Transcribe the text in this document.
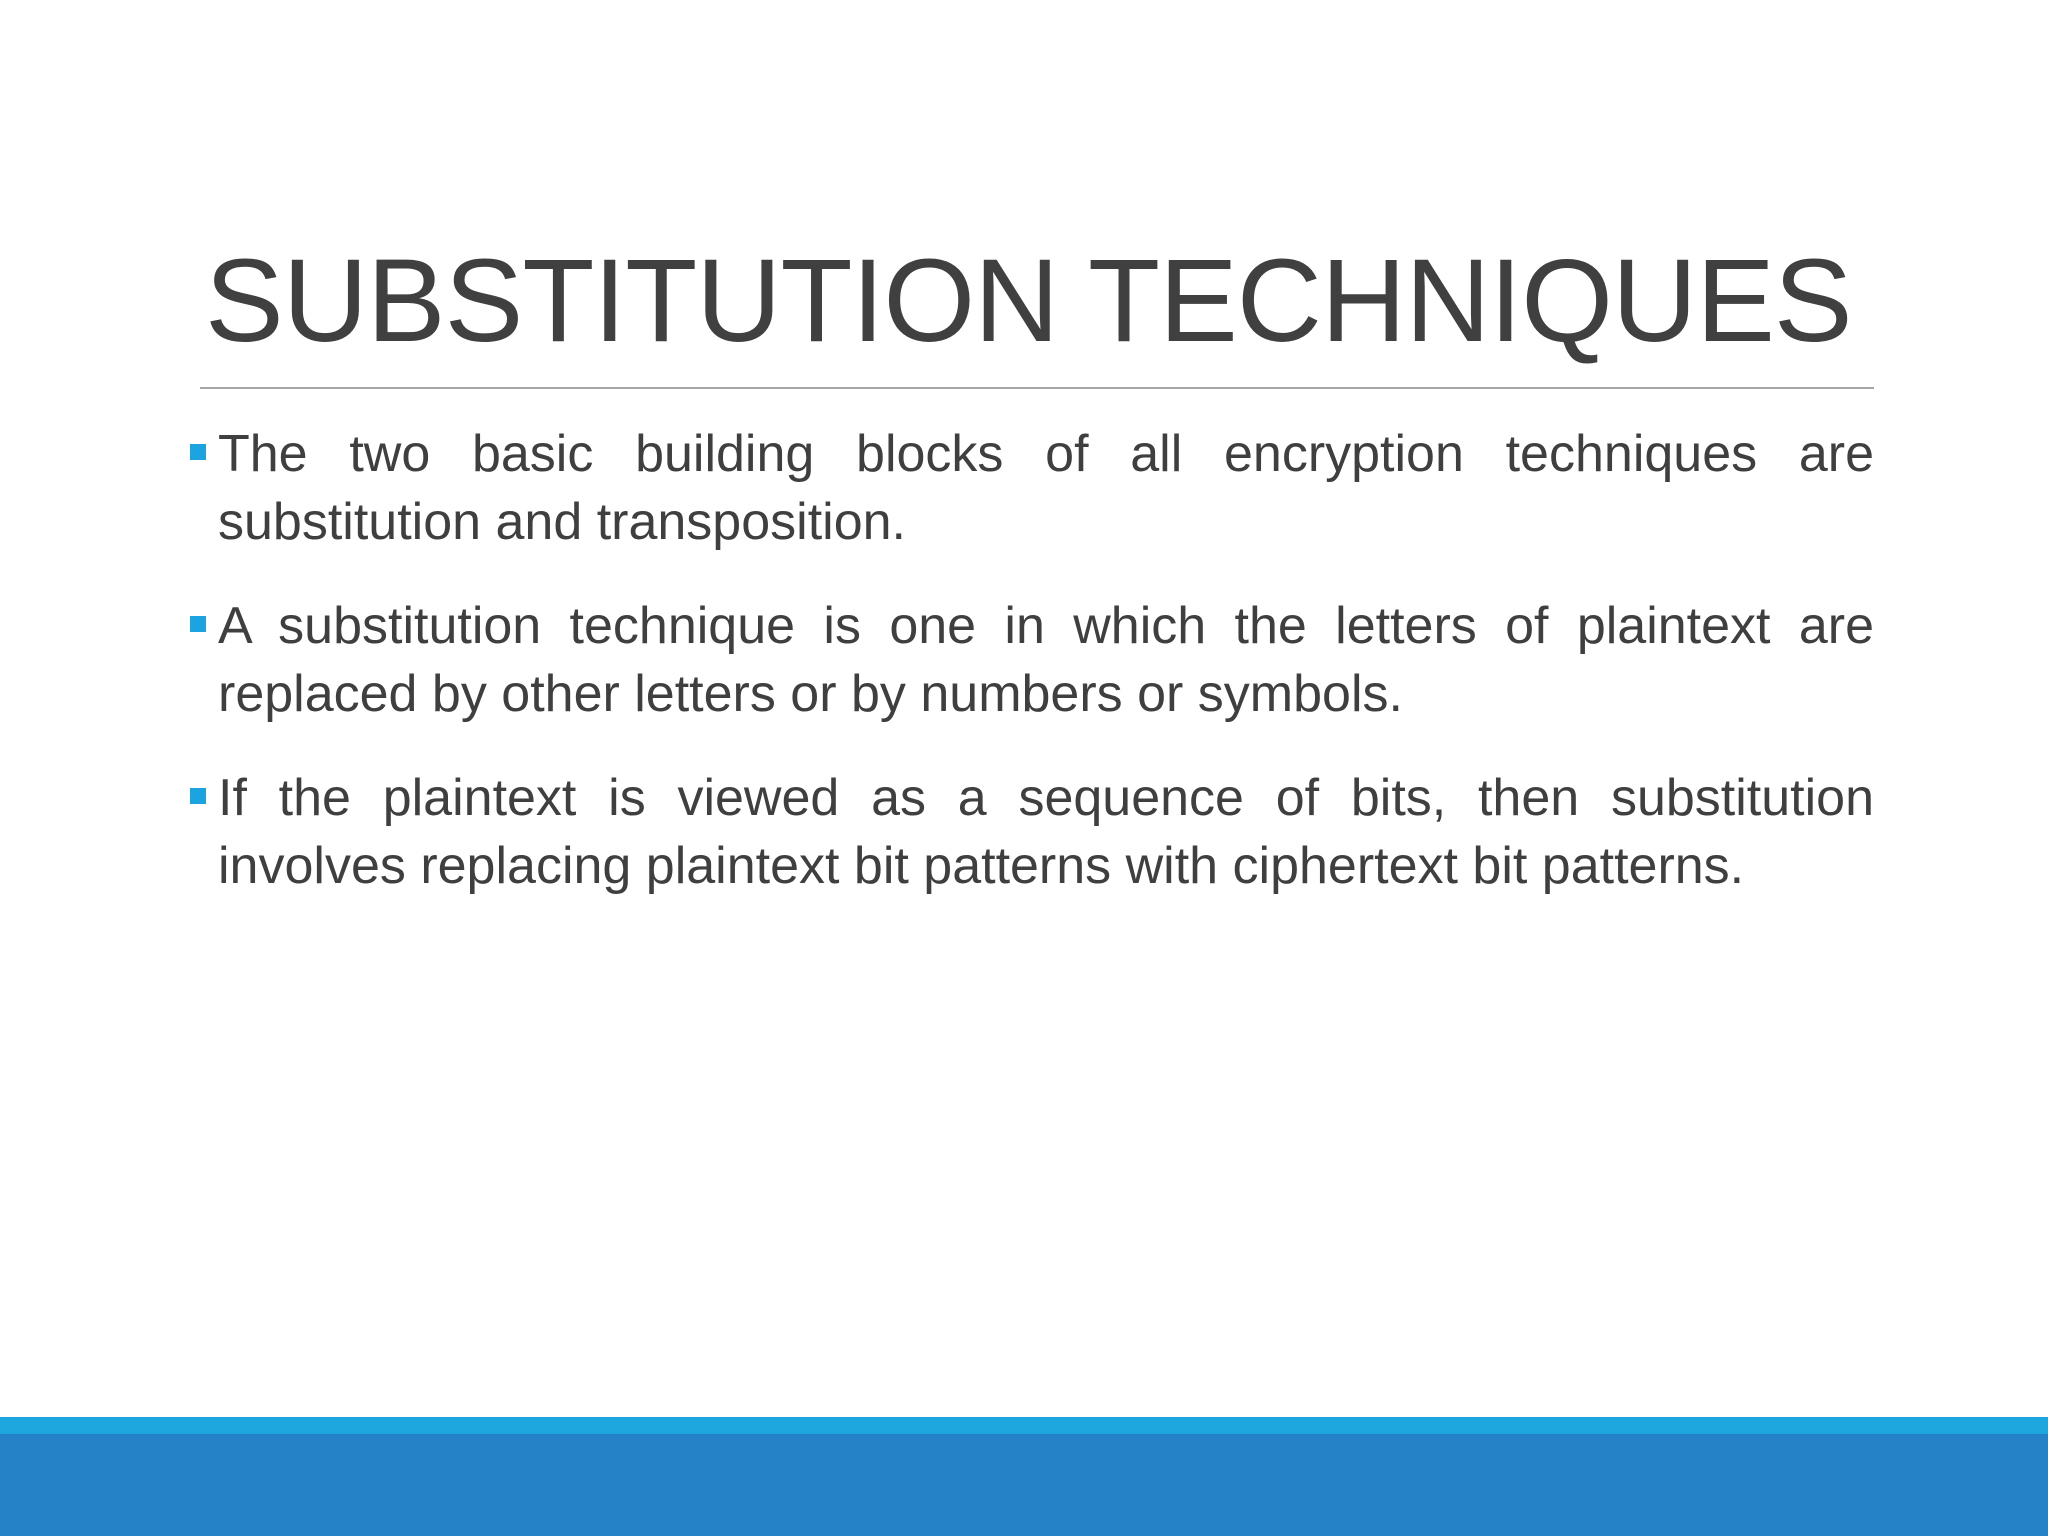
SUBSTITUTION TECHNIQUES

The two basic building blocks of all encryption techniques are substitution and transposition.

A substitution technique is one in which the letters of plaintext are replaced by other letters or by numbers or symbols.

If the plaintext is viewed as a sequence of bits, then substitution involves replacing plaintext bit patterns with ciphertext bit patterns.
